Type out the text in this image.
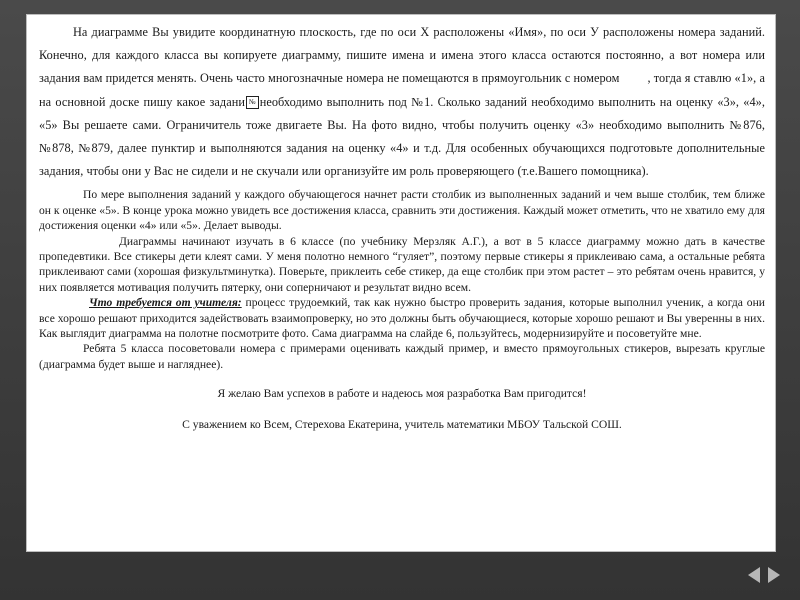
На диаграмме Вы увидите координатную плоскость, где по оси Х расположены «Имя», по оси У расположены номера заданий. Конечно, для каждого класса вы копируете диаграмму, пишите имена и имена этого класса остаются постоянно, а вот номера или задания вам придется менять. Очень часто многозначные номера не помещаются в прямоугольник с номером , тогда я ставлю «1», а на основной доске пишу какое задани № необходимо выполнить под №1. Сколько заданий необходимо выполнить на оценку «3», «4», «5» Вы решаете сами. Ограничитель тоже двигаете Вы. На фото видно, чтобы получить оценку «3» необходимо выполнить №876, №878, №879, далее пунктир и выполняются задания на оценку «4» и т.д. Для особенных обучающихся подготовьте дополнительные задания, чтобы они у Вас не сидели и не скучали или организуйте им роль проверяющего (т.е.Вашего помощника).

По мере выполнения заданий у каждого обучающегося начнет расти столбик из выполненных заданий и чем выше столбик, тем ближе он к оценке «5». В конце урока можно увидеть все достижения класса, сравнить эти достижения. Каждый может отметить, что не хватило ему для достижения оценки «4» или «5». Делает выводы.

Диаграммы начинают изучать в 6 классе (по учебнику Мерзляк А.Г.), а вот в 5 классе диаграмму можно дать в качестве пропедевтики. Все стикеры дети клеят сами. У меня полотно немного “гуляет”, поэтому первые стикеры я приклеиваю сама, а остальные ребята приклеивают сами (хорошая физкультминутка). Поверьте, приклеить себе стикер, да еще столбик при этом растет – это ребятам очень нравится, у них появляется мотивация получить пятерку, они соперничают и результат видно всем.

Что требуется от учителя: процесс трудоемкий, так как нужно быстро проверить задания, которые выполнил ученик, а когда они все хорошо решают приходится задействовать взаимопроверку, но это должны быть обучающиеся, которые хорошо решают и Вы уверенны в них. Как выглядит диаграмма на полотне посмотрите фото. Сама диаграмма на слайде 6, пользуйтесь, модернизируйте и посоветуйте мне.

Ребята 5 класса посоветовали номера с примерами оценивать каждый пример, и вместо прямоугольных стикеров, вырезать круглые (диаграмма будет выше и нагляднее).

Я желаю Вам успехов в работе и надеюсь моя разработка Вам пригодится!

С уважением ко Всем, Стерехова Екатерина, учитель математики МБОУ Тальской СОШ.
